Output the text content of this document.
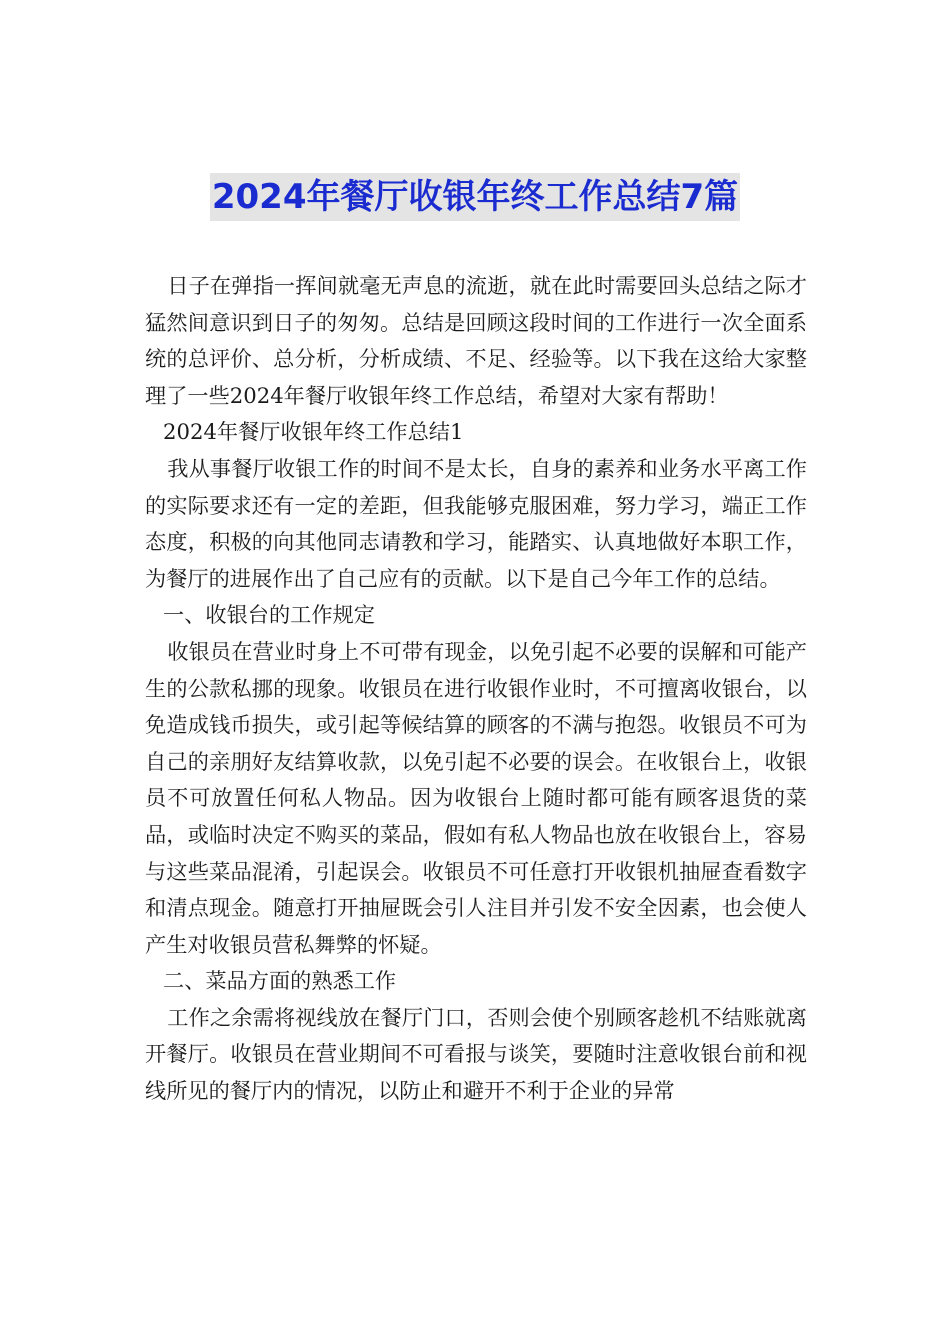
2024年餐厅收银年终工作总结7篇

日子在弹指一挥间就毫无声息的流逝，就在此时需要回头总结之际才猛然间意识到日子的匆匆。总结是回顾这段时间的工作进行一次全面系统的总评价、总分析，分析成绩、不足、经验等。以下我在这给大家整理了一些2024年餐厅收银年终工作总结，希望对大家有帮助！

2024年餐厅收银年终工作总结1

我从事餐厅收银工作的时间不是太长，自身的素养和业务水平离工作的实际要求还有一定的差距，但我能够克服困难，努力学习，端正工作态度，积极的向其他同志请教和学习，能踏实、认真地做好本职工作，为餐厅的进展作出了自己应有的贡献。以下是自己今年工作的总结。

一、收银台的工作规定

收银员在营业时身上不可带有现金，以免引起不必要的误解和可能产生的公款私挪的现象。收银员在进行收银作业时，不可擅离收银台，以免造成钱币损失，或引起等候结算的顾客的不满与抱怨。收银员不可为自己的亲朋好友结算收款，以免引起不必要的误会。在收银台上，收银员不可放置任何私人物品。因为收银台上随时都可能有顾客退货的菜品，或临时决定不购买的菜品，假如有私人物品也放在收银台上，容易与这些菜品混淆，引起误会。收银员不可任意打开收银机抽屉查看数字和清点现金。随意打开抽屉既会引人注目并引发不安全因素，也会使人产生对收银员营私舞弊的怀疑。

二、菜品方面的熟悉工作

工作之余需将视线放在餐厅门口，否则会使个别顾客趁机不结账就离开餐厅。收银员在营业期间不可看报与谈笑，要随时注意收银台前和视线所见的餐厅内的情况，以防止和避开不利于企业的异常
